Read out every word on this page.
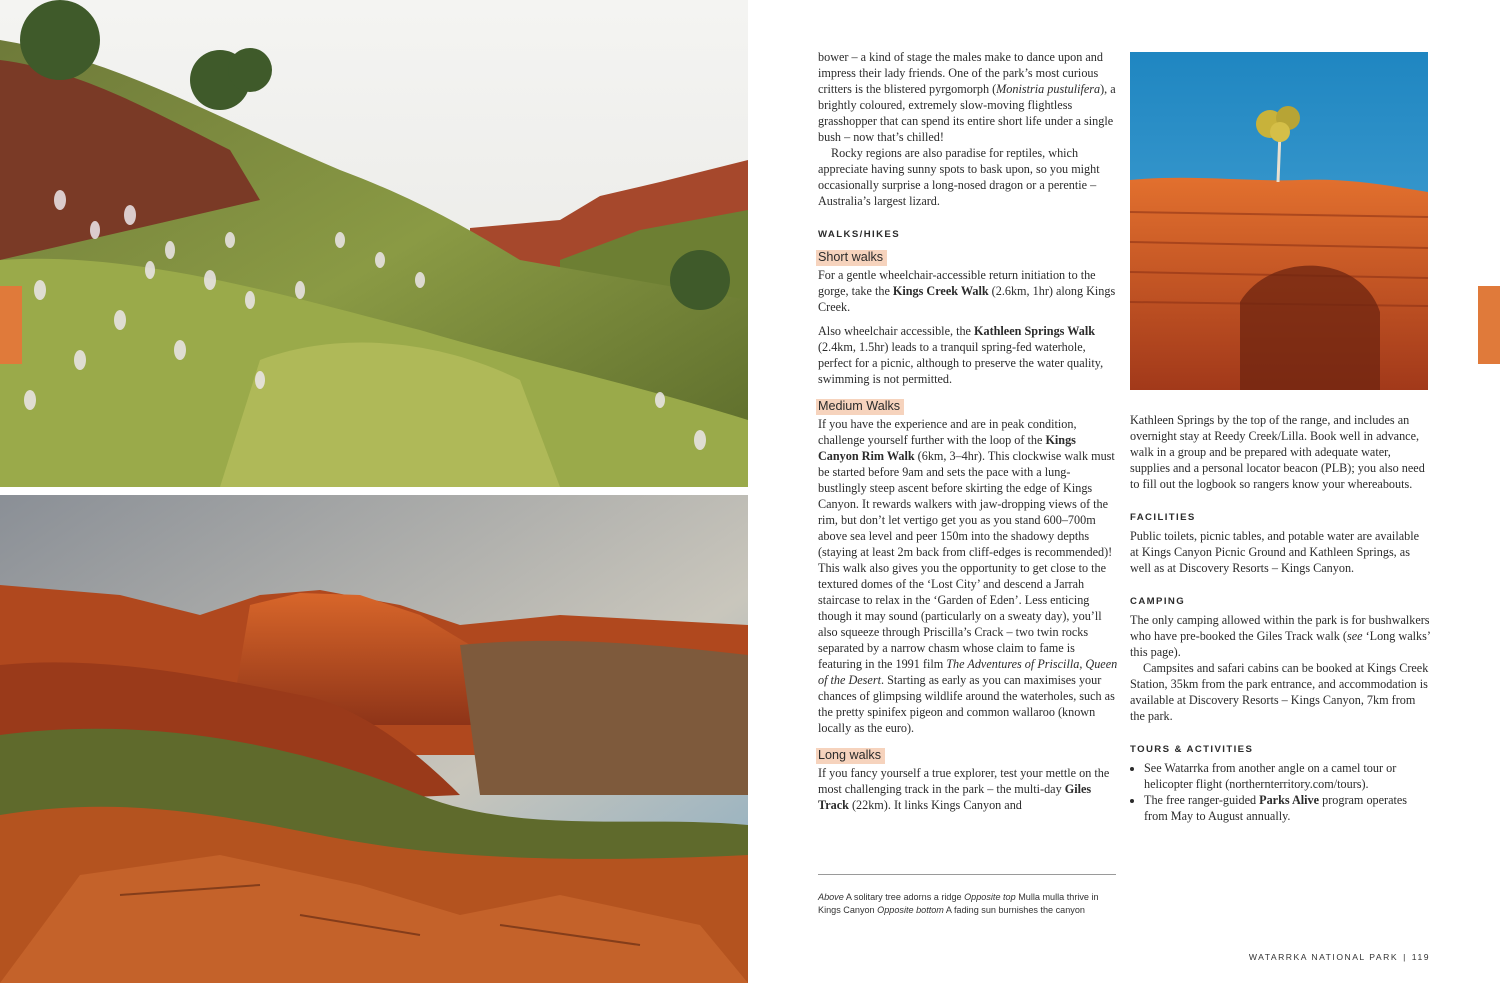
bower – a kind of stage the males make to dance upon and impress their lady friends. One of the park’s most curious critters is the blistered pyrgomorph (Monistria pustulifera), a brightly coloured, extremely slow-moving flightless grasshopper that can spend its entire short life under a single bush – now that’s chilled!

Rocky regions are also paradise for reptiles, which appreciate having sunny spots to bask upon, so you might occasionally surprise a long-nosed dragon or a perentie – Australia’s largest lizard.

WALKS/HIKES
Short walks

For a gentle wheelchair-accessible return initiation to the gorge, take the Kings Creek Walk (2.6km, 1hr) along Kings Creek.

Also wheelchair accessible, the Kathleen Springs Walk (2.4km, 1.5hr) leads to a tranquil spring-fed waterhole, perfect for a picnic, although to preserve the water quality, swimming is not permitted.

Medium Walks

If you have the experience and are in peak condition, challenge yourself further with the loop of the Kings Canyon Rim Walk (6km, 3–4hr). This clockwise walk must be started before 9am and sets the pace with a lung-bustlingly steep ascent before skirting the edge of Kings Canyon. It rewards walkers with jaw-dropping views of the rim, but don’t let vertigo get you as you stand 600–700m above sea level and peer 150m into the shadowy depths (staying at least 2m back from cliff-edges is recommended)! This walk also gives you the opportunity to get close to the textured domes of the ‘Lost City’ and descend a Jarrah staircase to relax in the ‘Garden of Eden’. Less enticing though it may sound (particularly on a sweaty day), you’ll also squeeze through Priscilla’s Crack – two twin rocks separated by a narrow chasm whose claim to fame is featuring in the 1991 film The Adventures of Priscilla, Queen of the Desert. Starting as early as you can maximises your chances of glimpsing wildlife around the waterholes, such as the pretty spinifex pigeon and common wallaroo (known locally as the euro).

Long walks

If you fancy yourself a true explorer, test your mettle on the most challenging track in the park – the multi-day Giles Track (22km). It links Kings Canyon and

Kathleen Springs by the top of the range, and includes an overnight stay at Reedy Creek/Lilla. Book well in advance, walk in a group and be prepared with adequate water, supplies and a personal locator beacon (PLB); you also need to fill out the logbook so rangers know your whereabouts.

FACILITIES

Public toilets, picnic tables, and potable water are available at Kings Canyon Picnic Ground and Kathleen Springs, as well as at Discovery Resorts – Kings Canyon.

CAMPING

The only camping allowed within the park is for bushwalkers who have pre-booked the Giles Track walk (see ‘Long walks’ this page).

Campsites and safari cabins can be booked at Kings Creek Station, 35km from the park entrance, and accommodation is available at Discovery Resorts – Kings Canyon, 7km from the park.

TOURS & ACTIVITIES
• See Watarrka from another angle on a camel tour or helicopter flight (northernterritory.com/tours).
• The free ranger-guided Parks Alive program operates from May to August annually.
Above A solitary tree adorns a ridge Opposite top Mulla mulla thrive in Kings Canyon Opposite bottom A fading sun burnishes the canyon
WATARRKA NATIONAL PARK | 119
